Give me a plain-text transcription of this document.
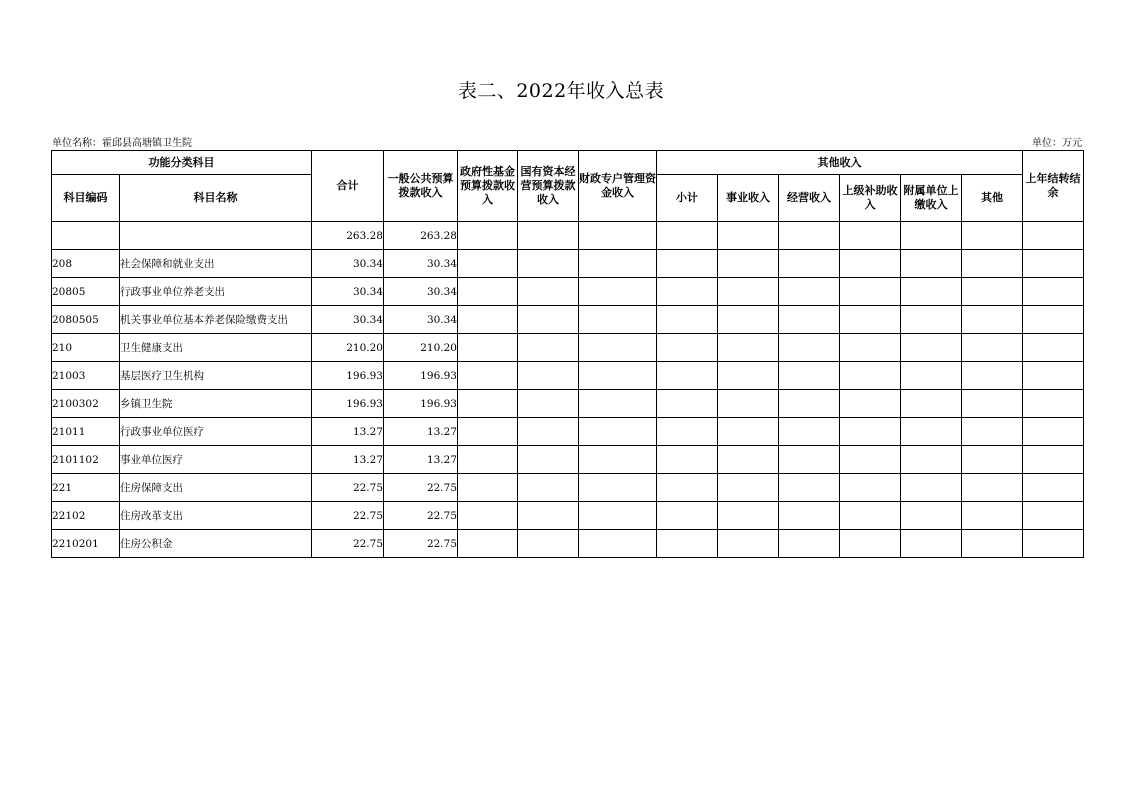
表二、2022年收入总表
单位名称：霍邱县高塘镇卫生院	单位：万元
功能分类科目		合计	一般公共预算拨款收入	政府性基金预算拨款收入	国有资本经营预算拨款收入	财政专户管理资金收入	其他收入						上年结转结余
科目编码	科目名称						小计	事业收入	经营收入	上级补助收入	附属单位上缴收入	其他	
		263.28	263.28										
208	社会保障和就业支出	30.34	30.34										
20805	行政事业单位养老支出	30.34	30.34										
2080505	机关事业单位基本养老保险缴费支出	30.34	30.34										
210	卫生健康支出	210.20	210.20										
21003	基层医疗卫生机构	196.93	196.93										
2100302	乡镇卫生院	196.93	196.93										
21011	行政事业单位医疗	13.27	13.27										
2101102	事业单位医疗	13.27	13.27										
221	住房保障支出	22.75	22.75										
22102	住房改革支出	22.75	22.75										
2210201	住房公积金	22.75	22.75										
